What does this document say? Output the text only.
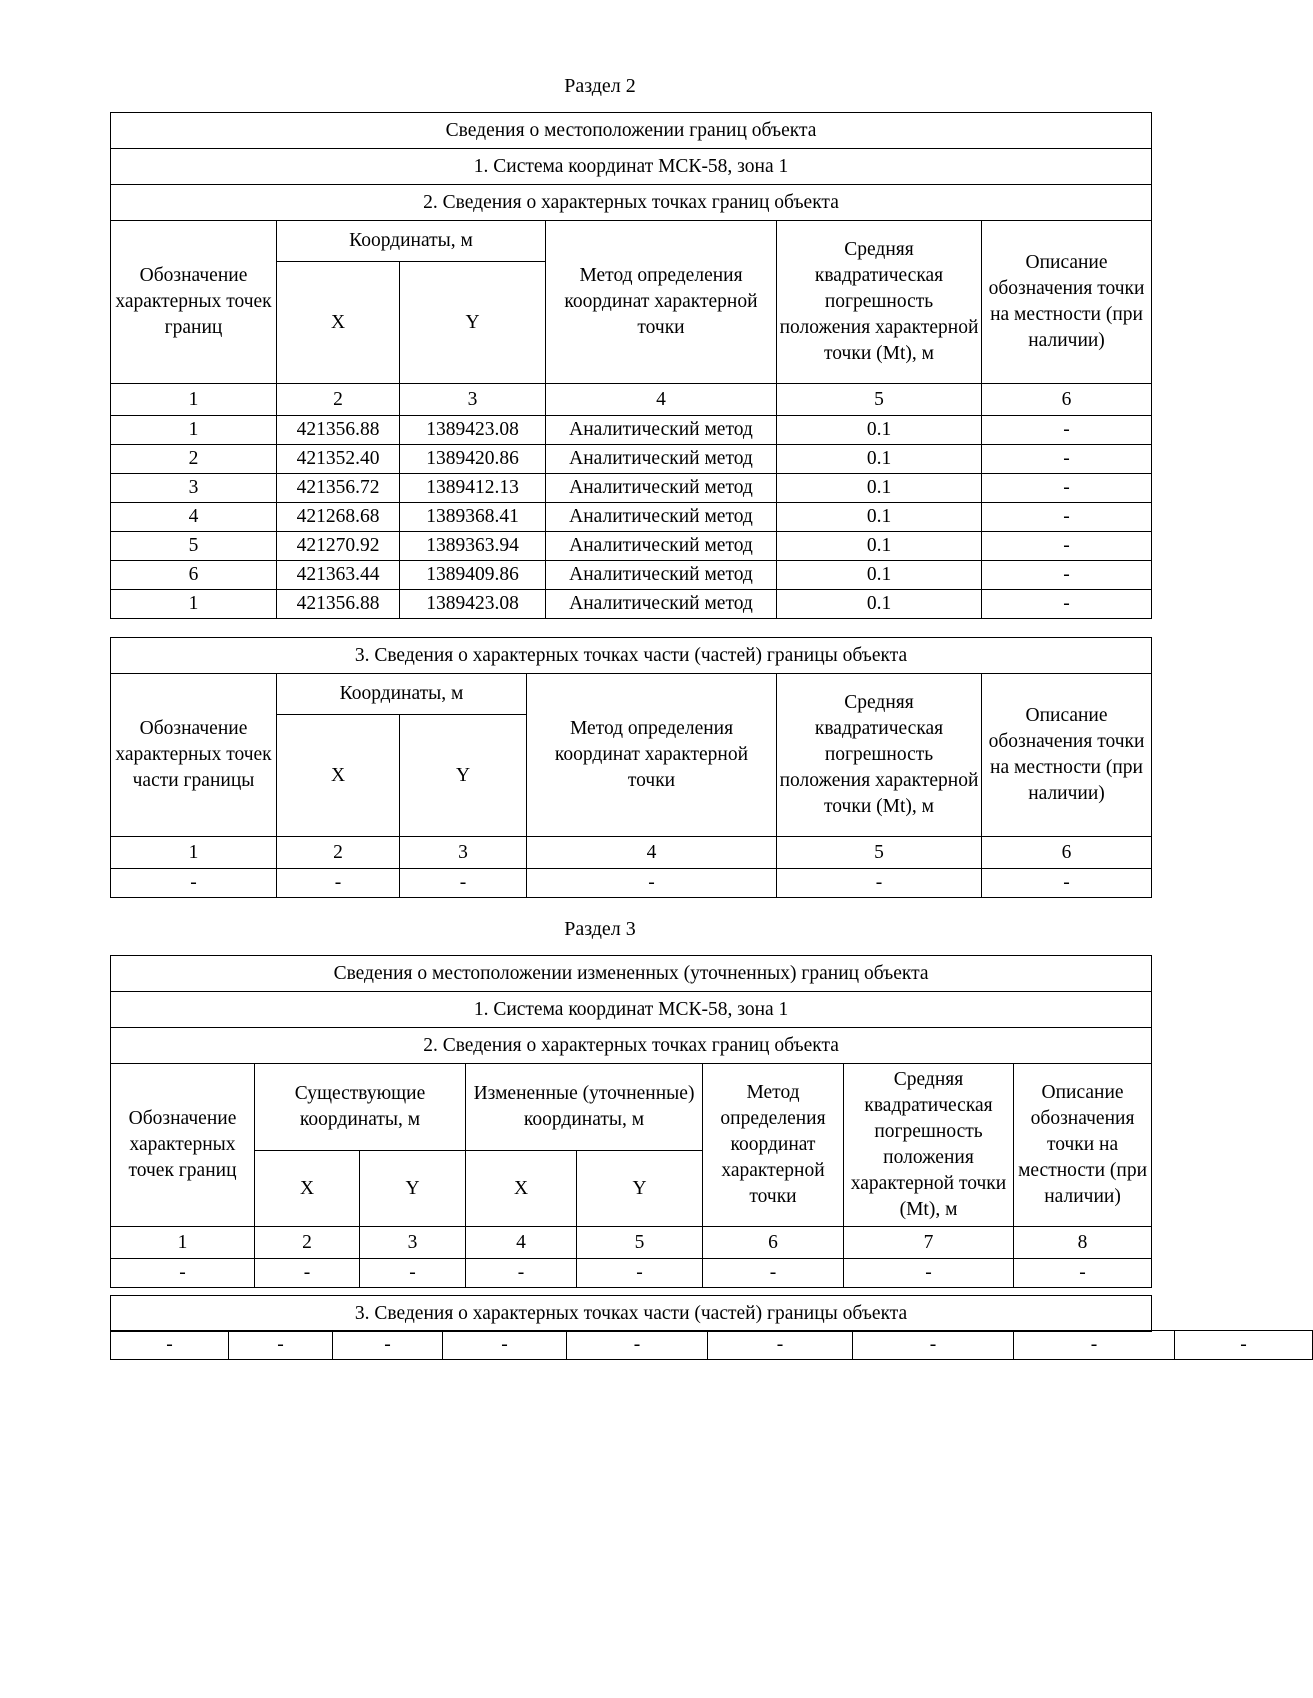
Раздел 2
Сведения о местоположении границ объекта					
1. Система координат МСК-58, зона 1					
2. Сведения о характерных точках границ объекта					
Обозначение характерных точек границ	Координаты, м		Метод определения координат характерной точки	Средняя квадратическая погрешность положения характерной точки (Mt), м	Описание обозначения точки на местности (при наличии)
	X	Y			
1	2	3	4	5	6
1	421356.88	1389423.08	Аналитический метод	0.1	-
2	421352.40	1389420.86	Аналитический метод	0.1	-
3	421356.72	1389412.13	Аналитический метод	0.1	-
4	421268.68	1389368.41	Аналитический метод	0.1	-
5	421270.92	1389363.94	Аналитический метод	0.1	-
6	421363.44	1389409.86	Аналитический метод	0.1	-
1	421356.88	1389423.08	Аналитический метод	0.1	-
3. Сведения о характерных точках части (частей) границы объекта					
Обозначение характерных точек части границы	Координаты, м		Метод определения координат характерной точки	Средняя квадратическая погрешность положения характерной точки (Mt), м	Описание обозначения точки на местности (при наличии)
	X	Y			
1	2	3	4	5	6
-	-	-	-	-	-
Раздел 3
Сведения о местоположении измененных (уточненных) границ объекта							
1. Система координат МСК-58, зона 1							
2. Сведения о характерных точках границ объекта							
Обозначение характерных точек границ	Существующие координаты, м		Измененные (уточненные) координаты, м		Метод определения координат характерной точки	Средняя квадратическая погрешность положения характерной точки (Mt), м	Описание обозначения точки на местности (при наличии)
	X	Y	X	Y			
1	2	3	4	5	6	7	8
-	-	-	-	-	-	-	-
3. Сведения о характерных точках части (частей) границы объекта
-	-	-	-	-	-	-	-	-
